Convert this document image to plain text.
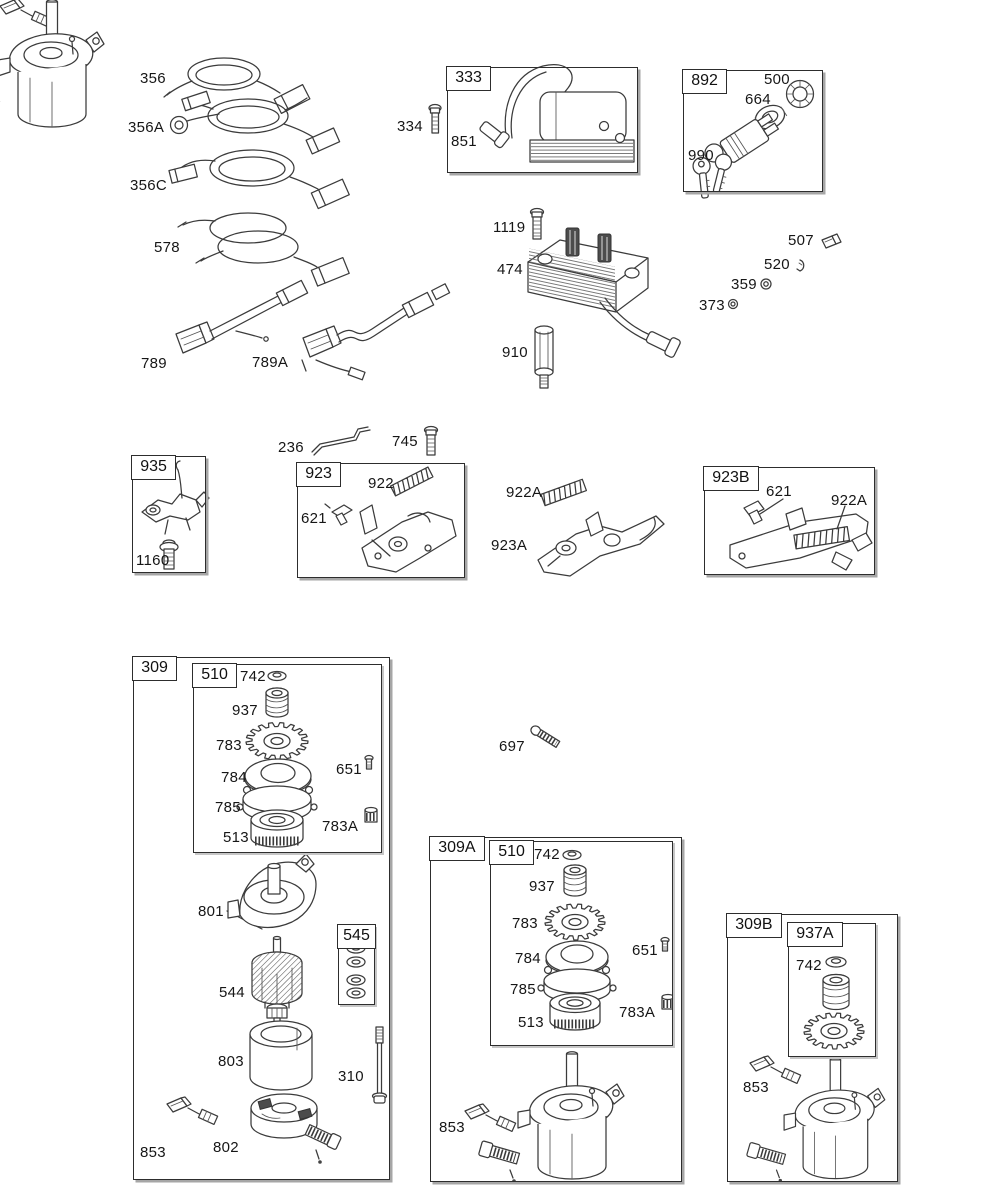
333	892
935	923	923B
309	510
545
309A	510
309B
937A
356
356A
356C
578
789	789A
334
851
500
664
990
1119
474
910
507
520
359
373
236	745
1160
922
621
922A
923A
621
922A
742
937
783
784
785
513
651
783A
801
544
803
310
802
853
697
742
937
783
784
785
513
651
783A
853
742
853
